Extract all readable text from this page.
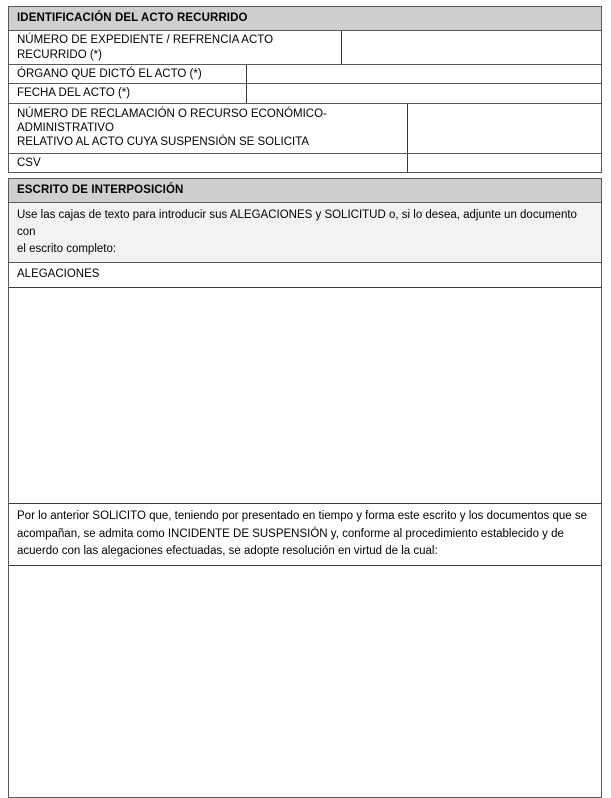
IDENTIFICACIÓN DEL ACTO RECURRIDO
NÚMERO DE EXPEDIENTE / REFRENCIA ACTO RECURRIDO (*)
ÓRGANO QUE DICTÓ EL ACTO (*)
FECHA DEL ACTO (*)
NÚMERO DE RECLAMACIÓN O RECURSO ECONÓMICO-ADMINISTRATIVO
RELATIVO AL ACTO CUYA SUSPENSIÓN SE SOLICITA
CSV
ESCRITO DE INTERPOSICIÓN
Use las cajas de texto para introducir sus ALEGACIONES y SOLICITUD o, si lo desea, adjunte un documento con
el escrito completo:
ALEGACIONES
Por lo anterior SOLICITO que, teniendo por presentado en tiempo y forma este escrito y los documentos que se
acompañan, se admita como INCIDENTE DE SUSPENSIÓN y, conforme al procedimiento establecido y de
acuerdo con las alegaciones efectuadas, se adopte resolución en virtud de la cual:
